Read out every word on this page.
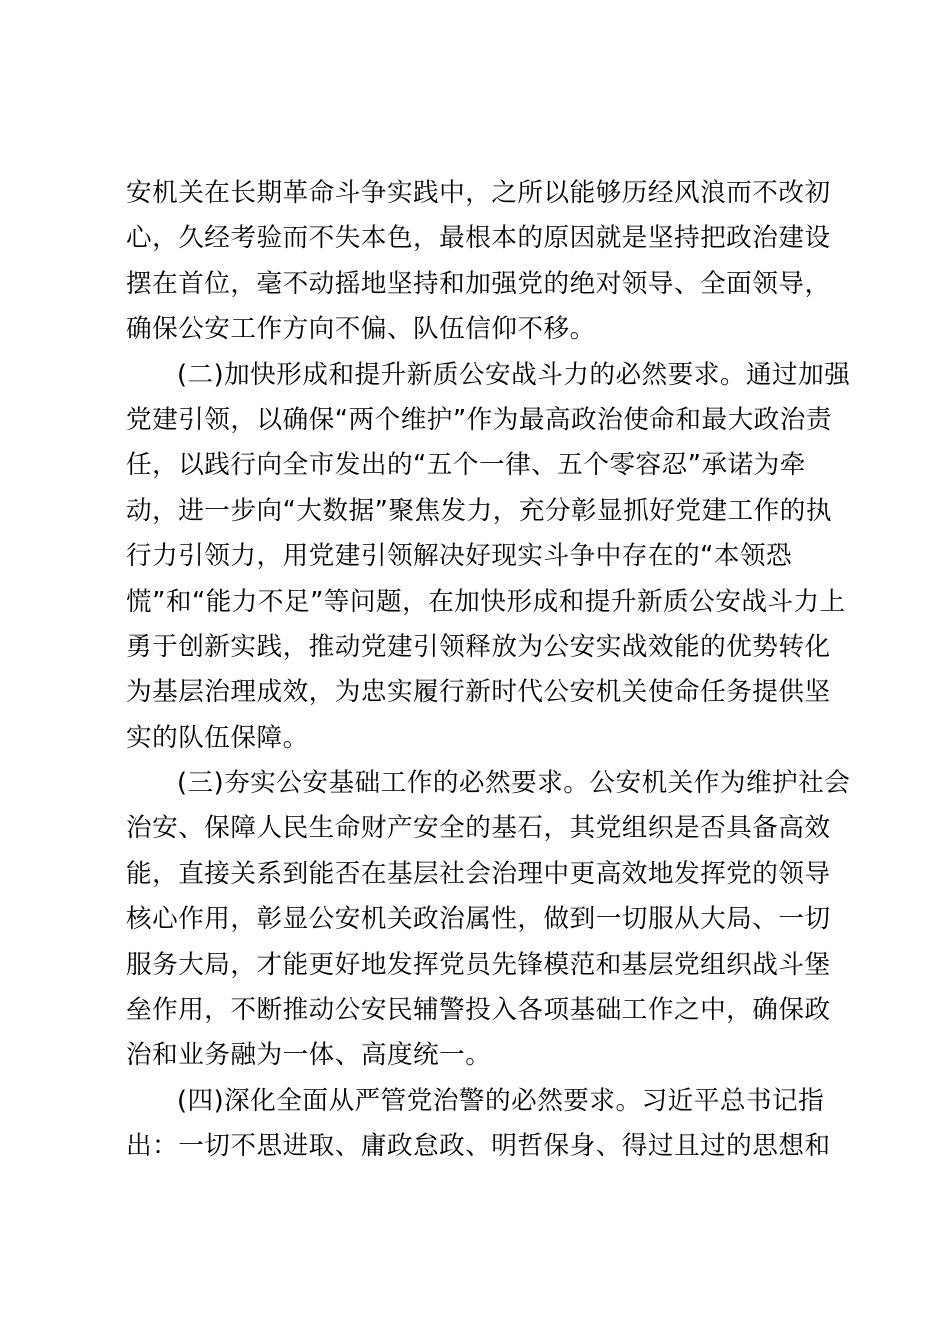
安机关在长期革命斗争实践中，之所以能够历经风浪而不改初
心，久经考验而不失本色，最根本的原因就是坚持把政治建设
摆在首位，毫不动摇地坚持和加强党的绝对领导、全面领导，
确保公安工作方向不偏、队伍信仰不移。
(二)加快形成和提升新质公安战斗力的必然要求。通过加强
党建引领，以确保“两个维护”作为最高政治使命和最大政治责
任，以践行向全市发出的“五个一律、五个零容忍”承诺为牵
动，进一步向“大数据”聚焦发力，充分彰显抓好党建工作的执
行力引领力，用党建引领解决好现实斗争中存在的“本领恐
慌”和“能力不足”等问题，在加快形成和提升新质公安战斗力上
勇于创新实践，推动党建引领释放为公安实战效能的优势转化
为基层治理成效，为忠实履行新时代公安机关使命任务提供坚
实的队伍保障。
(三)夯实公安基础工作的必然要求。公安机关作为维护社会
治安、保障人民生命财产安全的基石，其党组织是否具备高效
能，直接关系到能否在基层社会治理中更高效地发挥党的领导
核心作用，彰显公安机关政治属性，做到一切服从大局、一切
服务大局，才能更好地发挥党员先锋模范和基层党组织战斗堡
垒作用，不断推动公安民辅警投入各项基础工作之中，确保政
治和业务融为一体、高度统一。
(四)深化全面从严管党治警的必然要求。习近平总书记指
出：一切不思进取、庸政怠政、明哲保身、得过且过的思想和
